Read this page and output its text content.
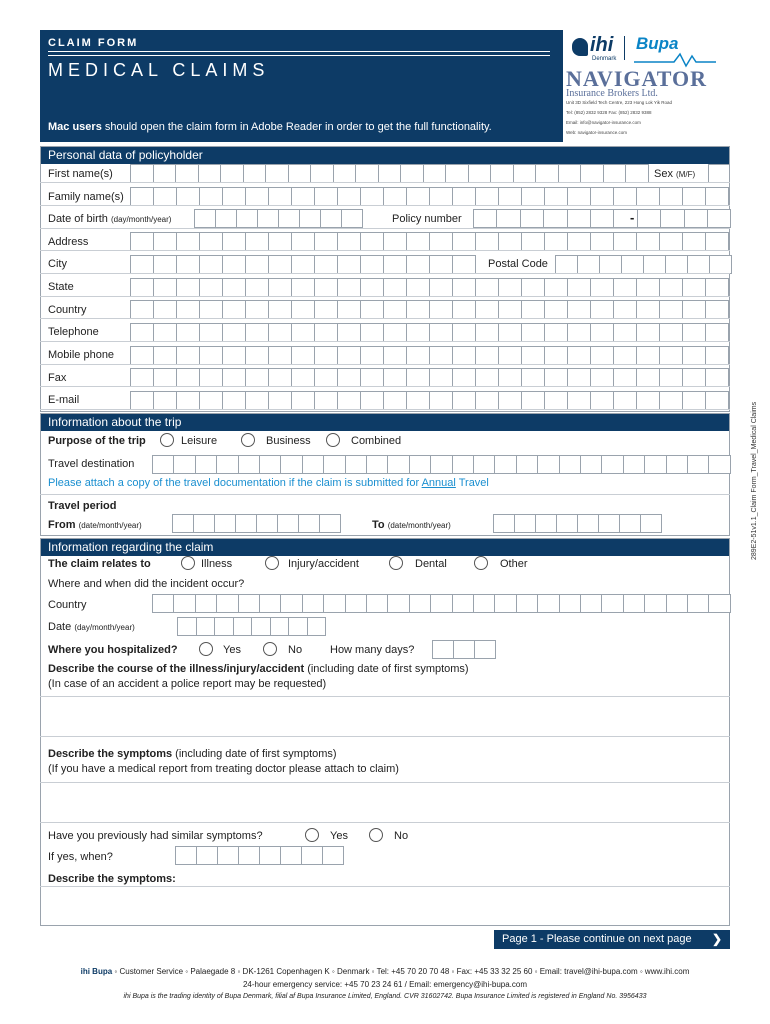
CLAIM FORM
MEDICAL CLAIMS
Mac users should open the claim form in Adobe Reader in order to get the full functionality.
ihi
Denmark
Bupa
NAVIGATOR
Insurance Brokers Ltd.
Unit 3D Sixfield Tech Centre, 223 Hong Lok Yik Road
Tel: (852) 2832 9328 Fax: (852) 2832 9388
Email: info@navigator-insurance.com
Web: navigator-insurance.com
Personal data of policyholder
First name(s)	Sex (M/F)
Family name(s)
Date of birth (day/month/year)	Policy number	-
Address
City	Postal Code
State
Country
Telephone
Mobile phone
Fax
E-mail
Information about the trip
Purpose of the trip	Leisure	Business	Combined
Travel destination
Please attach a copy of the travel documentation if the claim is submitted for Annual Travel
Travel period
From (date/month/year)	To (date/month/year)
Information regarding the claim
The claim relates to	Illness	Injury/accident	Dental	Other
Where and when did the incident occur?
Country
Date (day/month/year)
Where you hospitalized?	Yes	No	How many days?
Describe the course of the illness/injury/accident (including date of first symptoms)
(In case of an accident a police report may be requested)
Describe the symptoms (including date of first symptoms)
(If you have a medical report from treating doctor please attach to claim)
Have you previously had similar symptoms?	Yes	No
If yes, when?
Describe the symptoms:
Page 1 - Please continue on next page ❯
289E2-51v1.1_Claim Form_Travel_Medical Claims
ihi Bupa ◦ Customer Service ◦ Palaegade 8 ◦ DK-1261 Copenhagen K ◦ Denmark ◦ Tel: +45 70 20 70 48 ◦ Fax: +45 33 32 25 60 ◦ Email: travel@ihi-bupa.com ◦ www.ihi.com
24-hour emergency service: +45 70 23 24 61 / Email: emergency@ihi-bupa.com
ihi Bupa is the trading identity of Bupa Denmark, filial af Bupa Insurance Limited, England. CVR 31602742. Bupa Insurance Limited is registered in England No. 3956433
